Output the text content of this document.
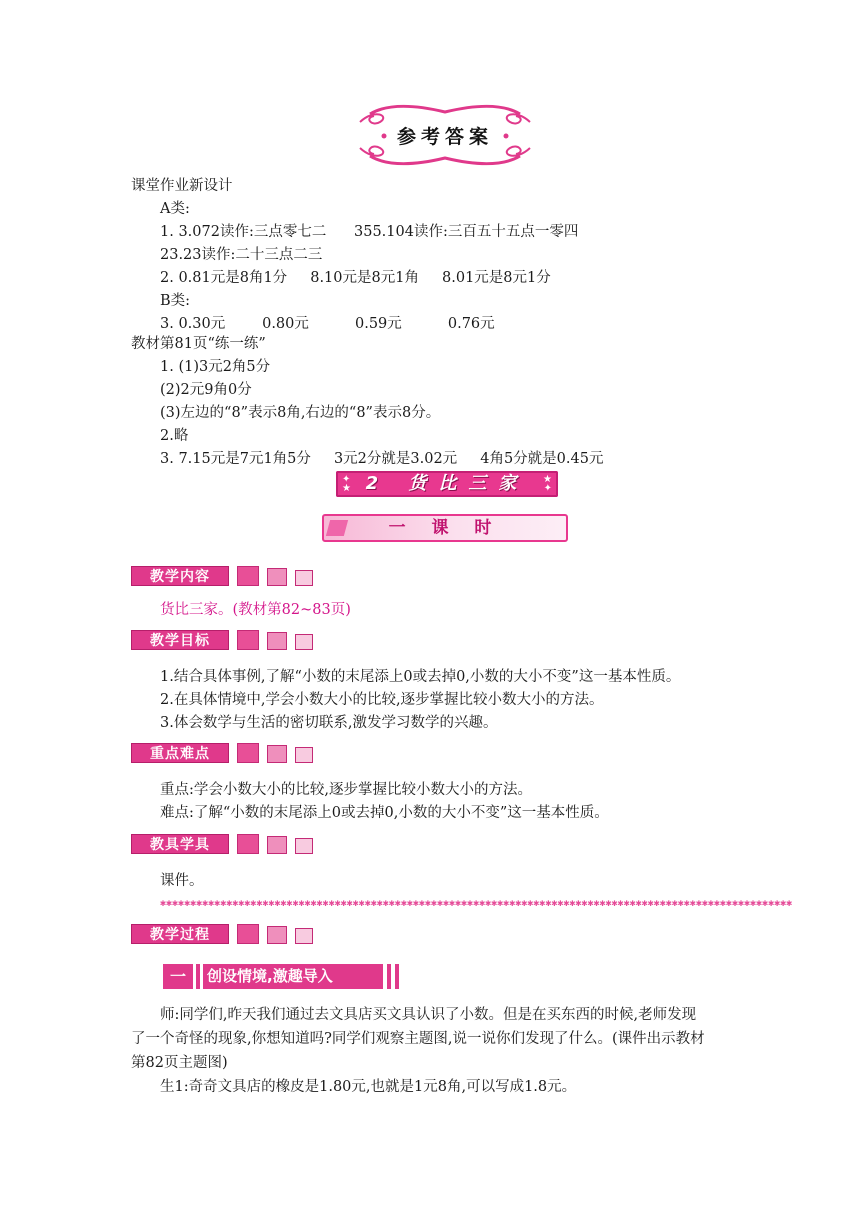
参考答案
课堂作业新设计
A类:
1. 3.072读作:三点零七二      355.104读作:三百五十五点一零四
23.23读作:二十三点二三
2. 0.81元是8角1分     8.10元是8元1角     8.01元是8元1分
B类:
3. 0.30元        0.80元          0.59元          0.76元
教材第81页“练一练”
1. (1)3元2角5分
(2)2元9角0分
(3)左边的“8”表示8角,右边的“8”表示8分。
2.略
3. 7.15元是7元1角5分     3元2分就是3.02元     4角5分就是0.45元
✦
★
★
✦
2 货比三家
一 课 时
教学内容
货比三家。(教材第82~83页)
教学目标
1.结合具体事例,了解“小数的末尾添上0或去掉0,小数的大小不变”这一基本性质。
2.在具体情境中,学会小数大小的比较,逐步掌握比较小数大小的方法。
3.体会数学与生活的密切联系,激发学习数学的兴趣。
重点难点
重点:学会小数大小的比较,逐步掌握比较小数大小的方法。
难点:了解“小数的末尾添上0或去掉0,小数的大小不变”这一基本性质。
教具学具
课件。
✱✱✱✱✱✱✱✱✱✱✱✱✱✱✱✱✱✱✱✱✱✱✱✱✱✱✱✱✱✱✱✱✱✱✱✱✱✱✱✱✱✱✱✱✱✱✱✱✱✱✱✱✱✱✱✱✱✱✱✱✱✱✱✱✱✱✱✱✱✱✱✱✱✱✱✱✱✱✱✱✱✱✱✱✱✱✱✱✱✱✱✱✱✱✱✱✱✱✱✱✱✱✱✱✱
教学过程
一	创设情境,激趣导入
师:同学们,昨天我们通过去文具店买文具认识了小数。但是在买东西的时候,老师发现
了一个奇怪的现象,你想知道吗?同学们观察主题图,说一说你们发现了什么。(课件出示教材
第82页主题图)
生1:奇奇文具店的橡皮是1.80元,也就是1元8角,可以写成1.8元。
